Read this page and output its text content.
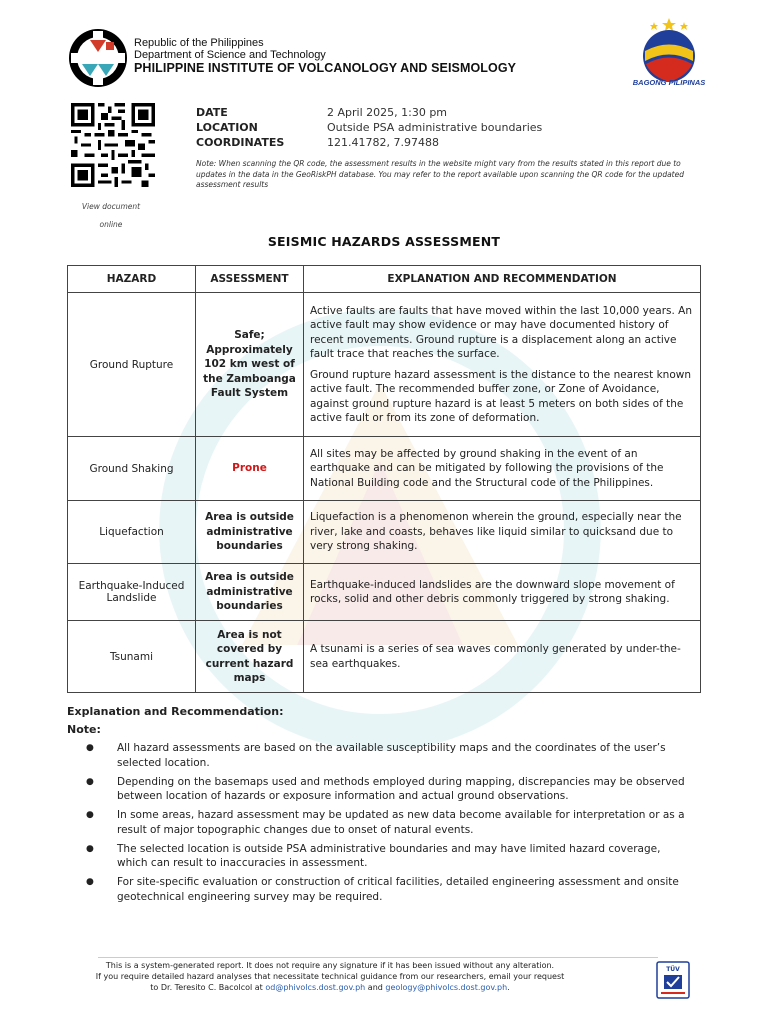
Republic of the Philippines
Department of Science and Technology
PHILIPPINE INSTITUTE OF VOLCANOLOGY AND SEISMOLOGY
BAGONG PILIPINAS
View document
online
DATE	2 April 2025, 1:30 pm
LOCATION	Outside PSA administrative boundaries
COORDINATES	121.41782, 7.97488
Note: When scanning the QR code, the assessment results in the website might vary from the results stated in this report due to updates in the data in the GeoRiskPH database. You may refer to the report available upon scanning the QR code for the updated assessment results
SEISMIC HAZARDS ASSESSMENT
HAZARD	ASSESSMENT	EXPLANATION AND RECOMMENDATION
Ground Rupture	Safe; Approximately 102 km west of the Zamboanga Fault System	Active faults are faults that have moved within the last 10,000 years. An active fault may show evidence or may have documented history of recent movements. Ground rupture is a displacement along an active fault trace that reaches the surface.

Ground rupture hazard assessment is the distance to the nearest known active fault. The recommended buffer zone, or Zone of Avoidance, against ground rupture hazard is at least 5 meters on both sides of the active fault or from its zone of deformation.

Ground Shaking	Prone	All sites may be affected by ground shaking in the event of an earthquake and can be mitigated by following the provisions of the National Building code and the Structural code of the Philippines.

Liquefaction	Area is outside administrative boundaries	Liquefaction is a phenomenon wherein the ground, especially near the river, lake and coasts, behaves like liquid similar to quicksand due to very strong shaking.

Earthquake-Induced Landslide	Area is outside administrative boundaries	Earthquake-induced landslides are the downward slope movement of rocks, solid and other debris commonly triggered by strong shaking.

Tsunami	Area is not covered by current hazard maps	A tsunami is a series of sea waves commonly generated by under-the-sea earthquakes.

Explanation and Recommendation:
Note:
● All hazard assessments are based on the available susceptibility maps and the coordinates of the user’s selected location.
● Depending on the basemaps used and methods employed during mapping, discrepancies may be observed between location of hazards or exposure information and actual ground observations.
● In some areas, hazard assessment may be updated as new data become available for interpretation or as a result of major topographic changes due to onset of natural events.
● The selected location is outside PSA administrative boundaries and may have limited hazard coverage, which can result to inaccuracies in assessment.
● For site-specific evaluation or construction of critical facilities, detailed engineering assessment and onsite geotechnical engineering survey may be required.
This is a system-generated report. It does not require any signature if it has been issued without any alteration.
If you require detailed hazard analyses that necessitate technical guidance from our researchers, email your request
to Dr. Teresito C. Bacolcol at od@phivolcs.dost.gov.ph and geology@phivolcs.dost.gov.ph.
TÜV
